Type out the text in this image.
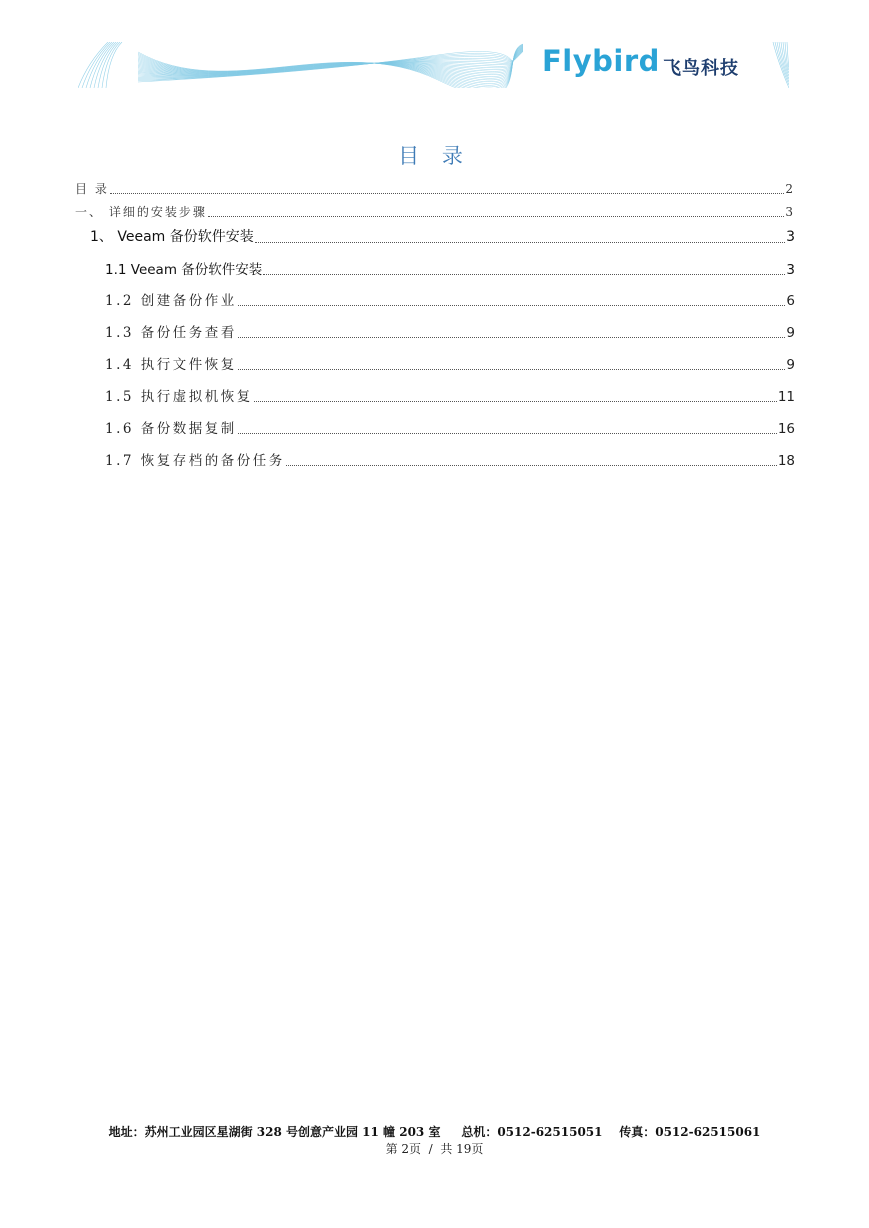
Flybird 飞鸟科技
目 录
目 录	2
一、 详细的安装步骤	3
1、 Veeam 备份软件安装	3
1.1 Veeam 备份软件安装	3
1.2 创建备份作业	6
1.3 备份任务查看	9
1.4 执行文件恢复	9
1.5 执行虚拟机恢复	11
1.6 备份数据复制	16
1.7 恢复存档的备份任务	18
地址：苏州工业园区星湖街 328 号创意产业园 11 幢 203 室     总机：0512-62515051    传真：0512-62515061
第 2页  /  共 19页
